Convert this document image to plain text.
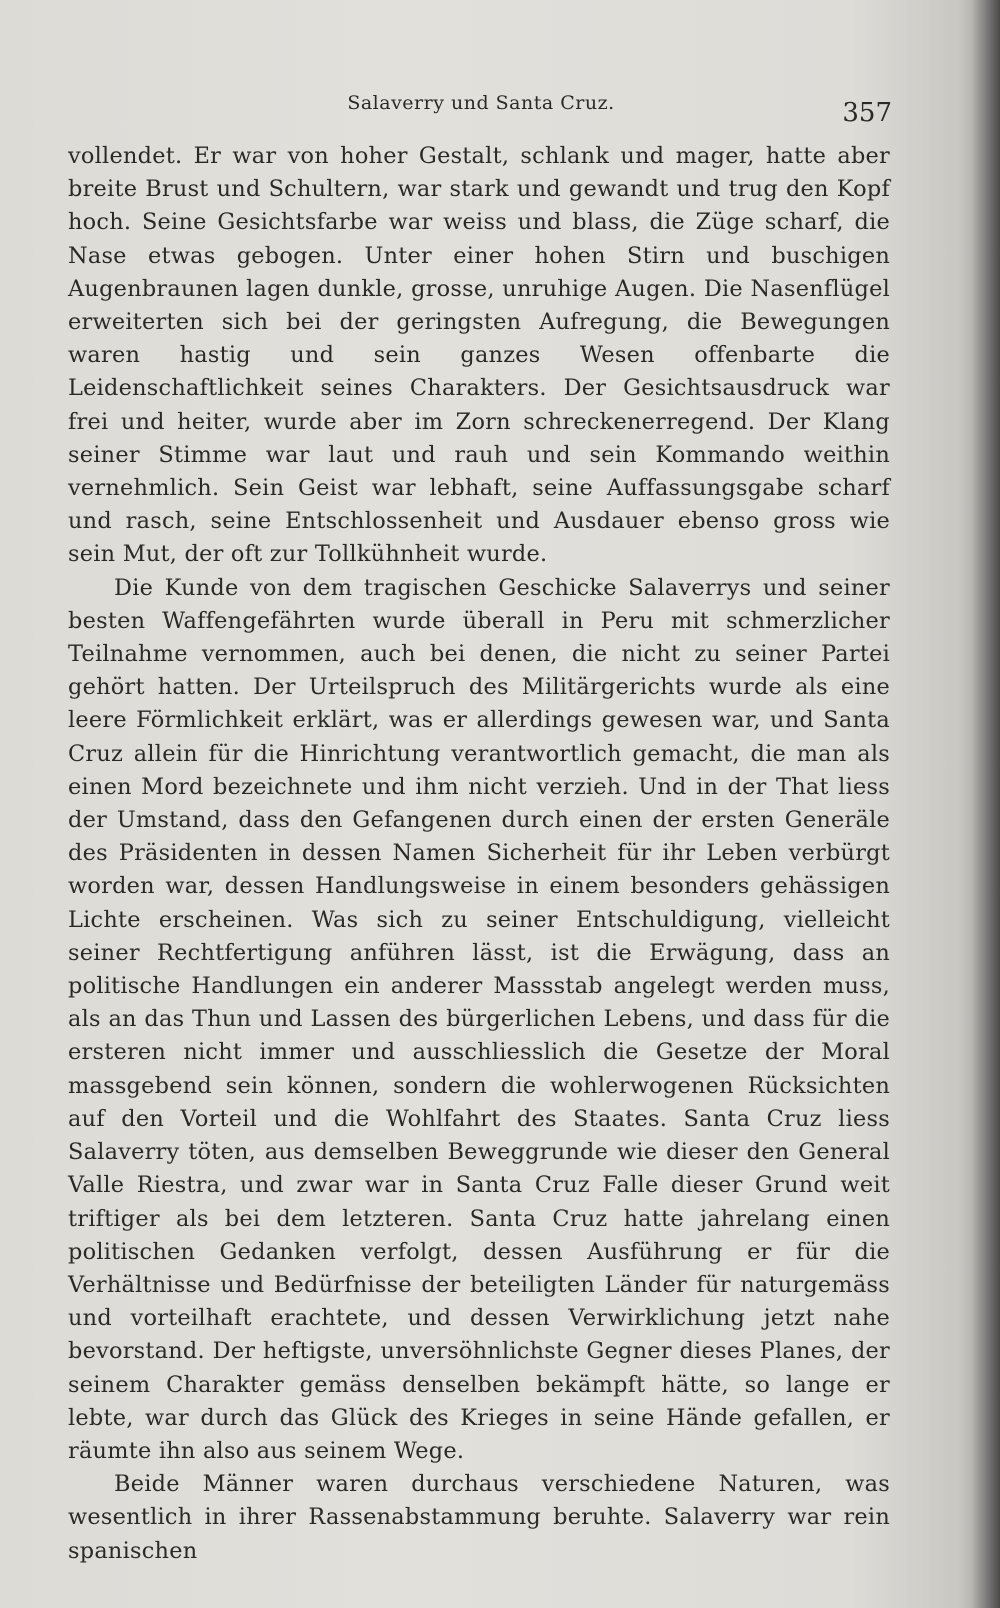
Salaverry und Santa Cruz.	357

vollendet. Er war von hoher Gestalt, schlank und mager, hatte aber breite Brust und Schultern, war stark und gewandt und trug den Kopf hoch. Seine Gesichtsfarbe war weiss und blass, die Züge scharf, die Nase etwas gebogen. Unter einer hohen Stirn und buschigen Augenbraunen lagen dunkle, grosse, unruhige Augen. Die Nasenflügel erweiterten sich bei der geringsten Aufregung, die Bewegungen waren hastig und sein ganzes Wesen offenbarte die Leidenschaftlichkeit seines Charakters. Der Gesichtsausdruck war frei und heiter, wurde aber im Zorn schreckenerregend. Der Klang seiner Stimme war laut und rauh und sein Kommando weithin vernehmlich. Sein Geist war lebhaft, seine Auffassungsgabe scharf und rasch, seine Entschlossenheit und Ausdauer ebenso gross wie sein Mut, der oft zur Tollkühnheit wurde.

Die Kunde von dem tragischen Geschicke Salaverrys und seiner besten Waffengefährten wurde überall in Peru mit schmerzlicher Teilnahme vernommen, auch bei denen, die nicht zu seiner Partei gehört hatten. Der Urteilspruch des Militärgerichts wurde als eine leere Förmlichkeit erklärt, was er allerdings gewesen war, und Santa Cruz allein für die Hinrichtung verantwortlich gemacht, die man als einen Mord bezeichnete und ihm nicht verzieh. Und in der That liess der Umstand, dass den Gefangenen durch einen der ersten Generäle des Präsidenten in dessen Namen Sicherheit für ihr Leben verbürgt worden war, dessen Handlungsweise in einem besonders gehässigen Lichte erscheinen. Was sich zu seiner Entschuldigung, vielleicht seiner Rechtfertigung anführen lässt, ist die Erwägung, dass an politische Handlungen ein anderer Massstab angelegt werden muss, als an das Thun und Lassen des bürgerlichen Lebens, und dass für die ersteren nicht immer und ausschliesslich die Gesetze der Moral massgebend sein können, sondern die wohlerwogenen Rücksichten auf den Vorteil und die Wohlfahrt des Staates. Santa Cruz liess Salaverry töten, aus demselben Beweggrunde wie dieser den General Valle Riestra, und zwar war in Santa Cruz Falle dieser Grund weit triftiger als bei dem letzteren. Santa Cruz hatte jahrelang einen politischen Gedanken verfolgt, dessen Ausführung er für die Verhältnisse und Bedürfnisse der beteiligten Länder für naturgemäss und vorteilhaft erachtete, und dessen Verwirklichung jetzt nahe bevorstand. Der heftigste, unversöhnlichste Gegner dieses Planes, der seinem Charakter gemäss denselben bekämpft hätte, so lange er lebte, war durch das Glück des Krieges in seine Hände gefallen, er räumte ihn also aus seinem Wege.

Beide Männer waren durchaus verschiedene Naturen, was wesentlich in ihrer Rassenabstammung beruhte. Salaverry war rein spanischen
